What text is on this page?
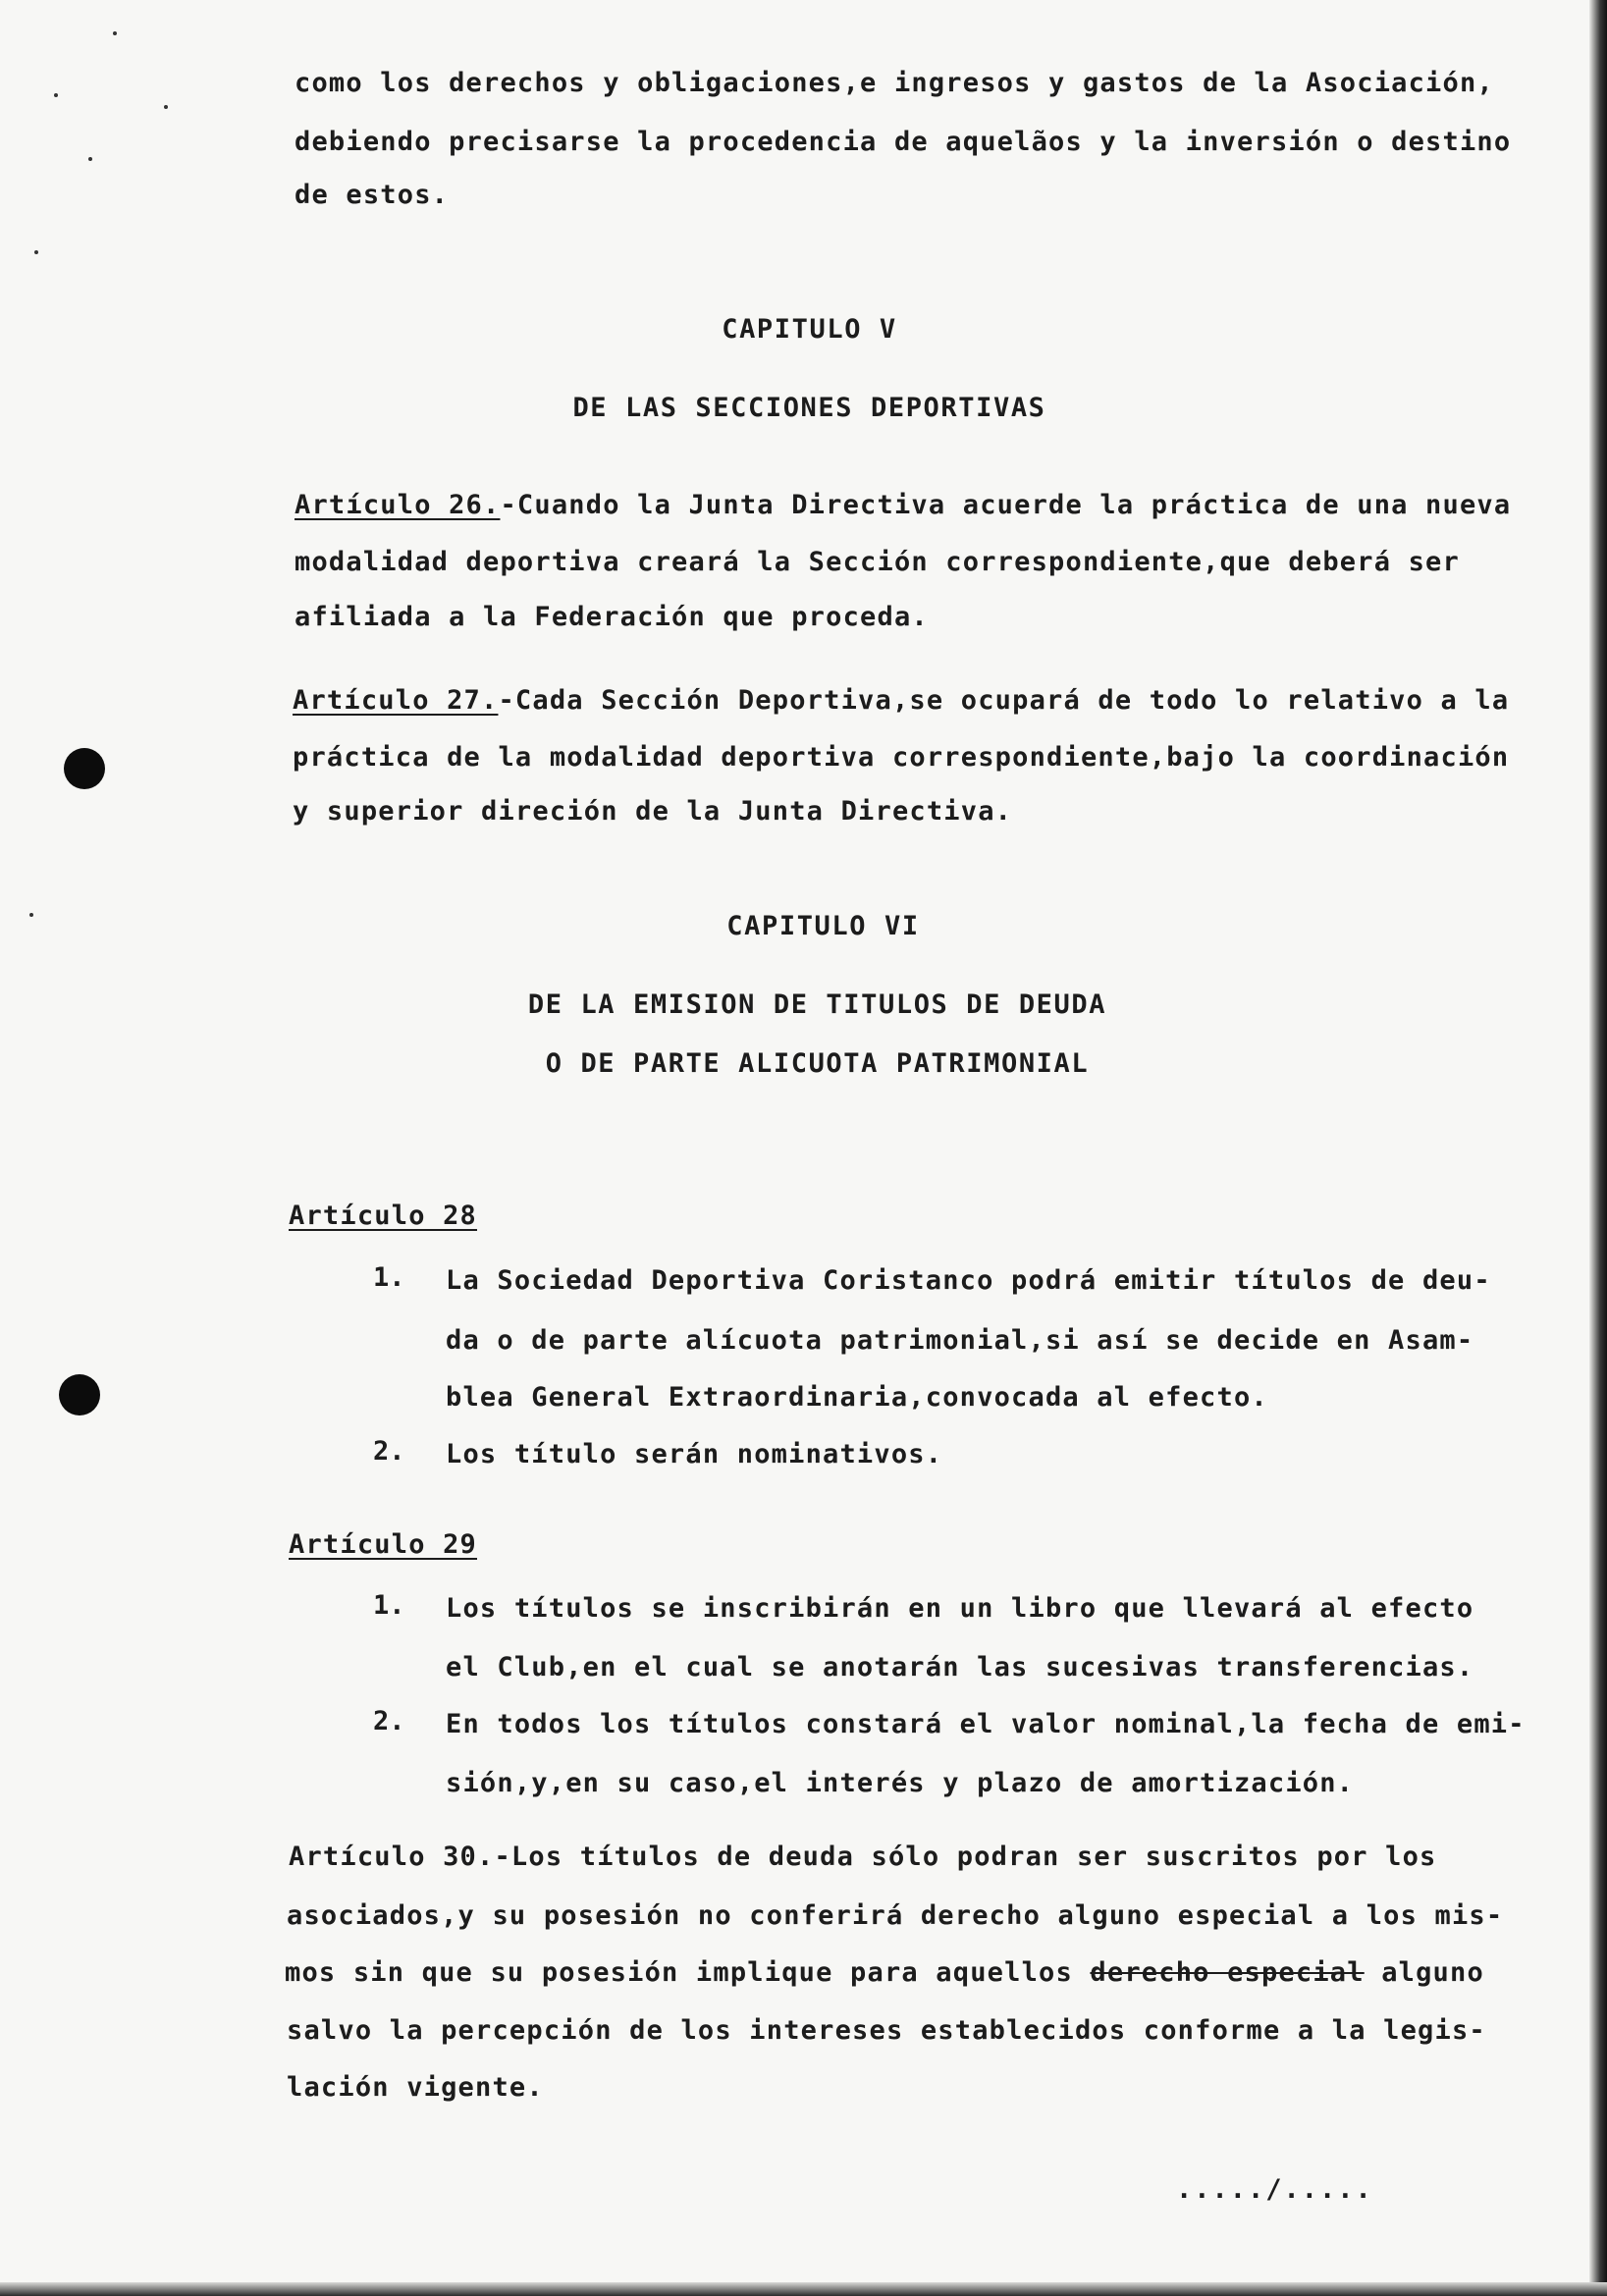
como los derechos y obligaciones,e ingresos y gastos de la Asociación,

debiendo precisarse la procedencia de aquelãos y la inversión o destino

de estos.

CAPITULO V

DE LAS SECCIONES DEPORTIVAS

Artículo 26.-Cuando la Junta Directiva acuerde la práctica de una nueva

modalidad deportiva creará la Sección correspondiente,que deberá ser

afiliada a la Federación que proceda.

Artículo 27.-Cada Sección Deportiva,se ocupará de todo lo relativo a la

práctica de la modalidad deportiva correspondiente,bajo la coordinación

y superior direción de la Junta Directiva.

CAPITULO VI

DE LA EMISION DE TITULOS DE DEUDA

O DE PARTE ALICUOTA PATRIMONIAL

Artículo 28

1. La Sociedad Deportiva Coristanco podrá emitir títulos de deu-

da o de parte alícuota patrimonial,si así se decide en Asam-

blea General Extraordinaria,convocada al efecto.

2. Los título serán nominativos.

Artículo 29

1. Los títulos se inscribirán en un libro que llevará al efecto

el Club,en el cual se anotarán las sucesivas transferencias.

2. En todos los títulos constará el valor nominal,la fecha de emi-

sión,y,en su caso,el interés y plazo de amortización.

Artículo 30.-Los títulos de deuda sólo podran ser suscritos por los

asociados,y su posesión no conferirá derecho alguno especial a los mis-

mos sin que su posesión implique para aquellos derecho especial alguno

salvo la percepción de los intereses establecidos conforme a la legis-

lación vigente.

...../.....
